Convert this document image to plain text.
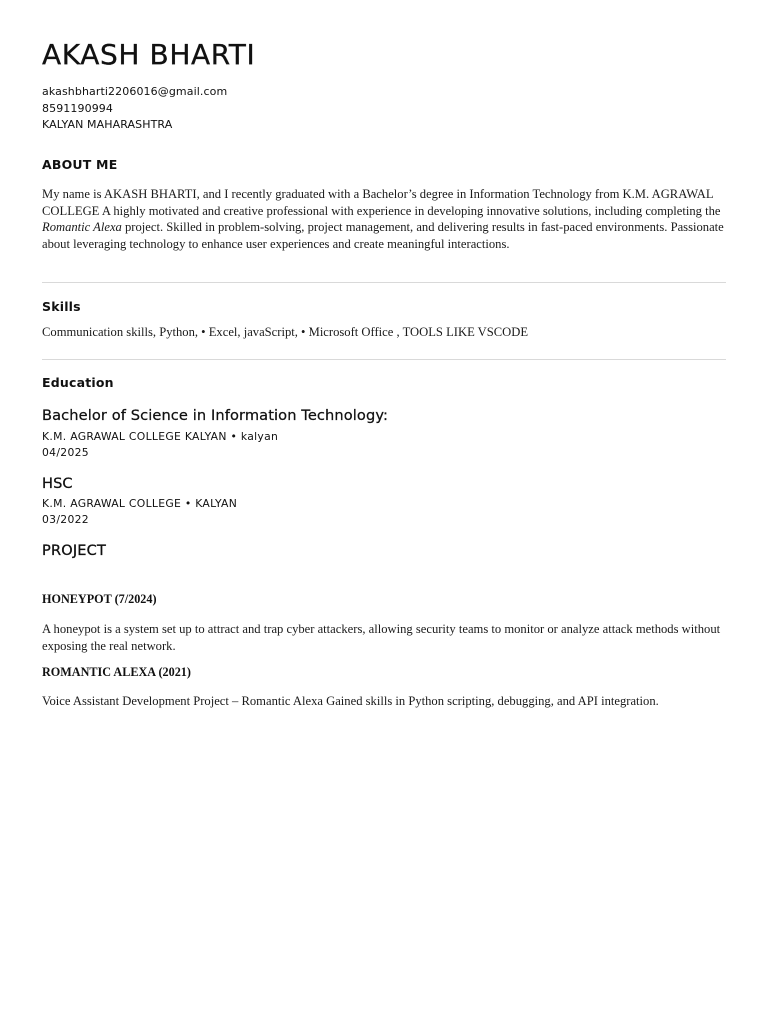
AKASH BHARTI
akashbharti2206016@gmail.com
8591190994
KALYAN MAHARASHTRA
ABOUT ME
My name is AKASH BHARTI, and I recently graduated with a Bachelor’s degree in Information Technology from K.M. AGRAWAL COLLEGE A highly motivated and creative professional with experience in developing innovative solutions, including completing the Romantic Alexa project. Skilled in problem-solving, project management, and delivering results in fast-paced environments. Passionate about leveraging technology to enhance user experiences and create meaningful interactions.
Skills
Communication skills, Python, • Excel, javaScript, • Microsoft Office , TOOLS LIKE VSCODE
Education
Bachelor of Science in Information Technology:
K.M. AGRAWAL COLLEGE KALYAN • kalyan
04/2025
HSC
K.M. AGRAWAL COLLEGE • KALYAN
03/2022
PROJECT
HONEYPOT (7/2024)
A honeypot is a system set up to attract and trap cyber attackers, allowing security teams to monitor or analyze attack methods without exposing the real network.
ROMANTIC ALEXA (2021)
Voice Assistant Development Project – Romantic Alexa Gained skills in Python scripting, debugging, and API integration.
